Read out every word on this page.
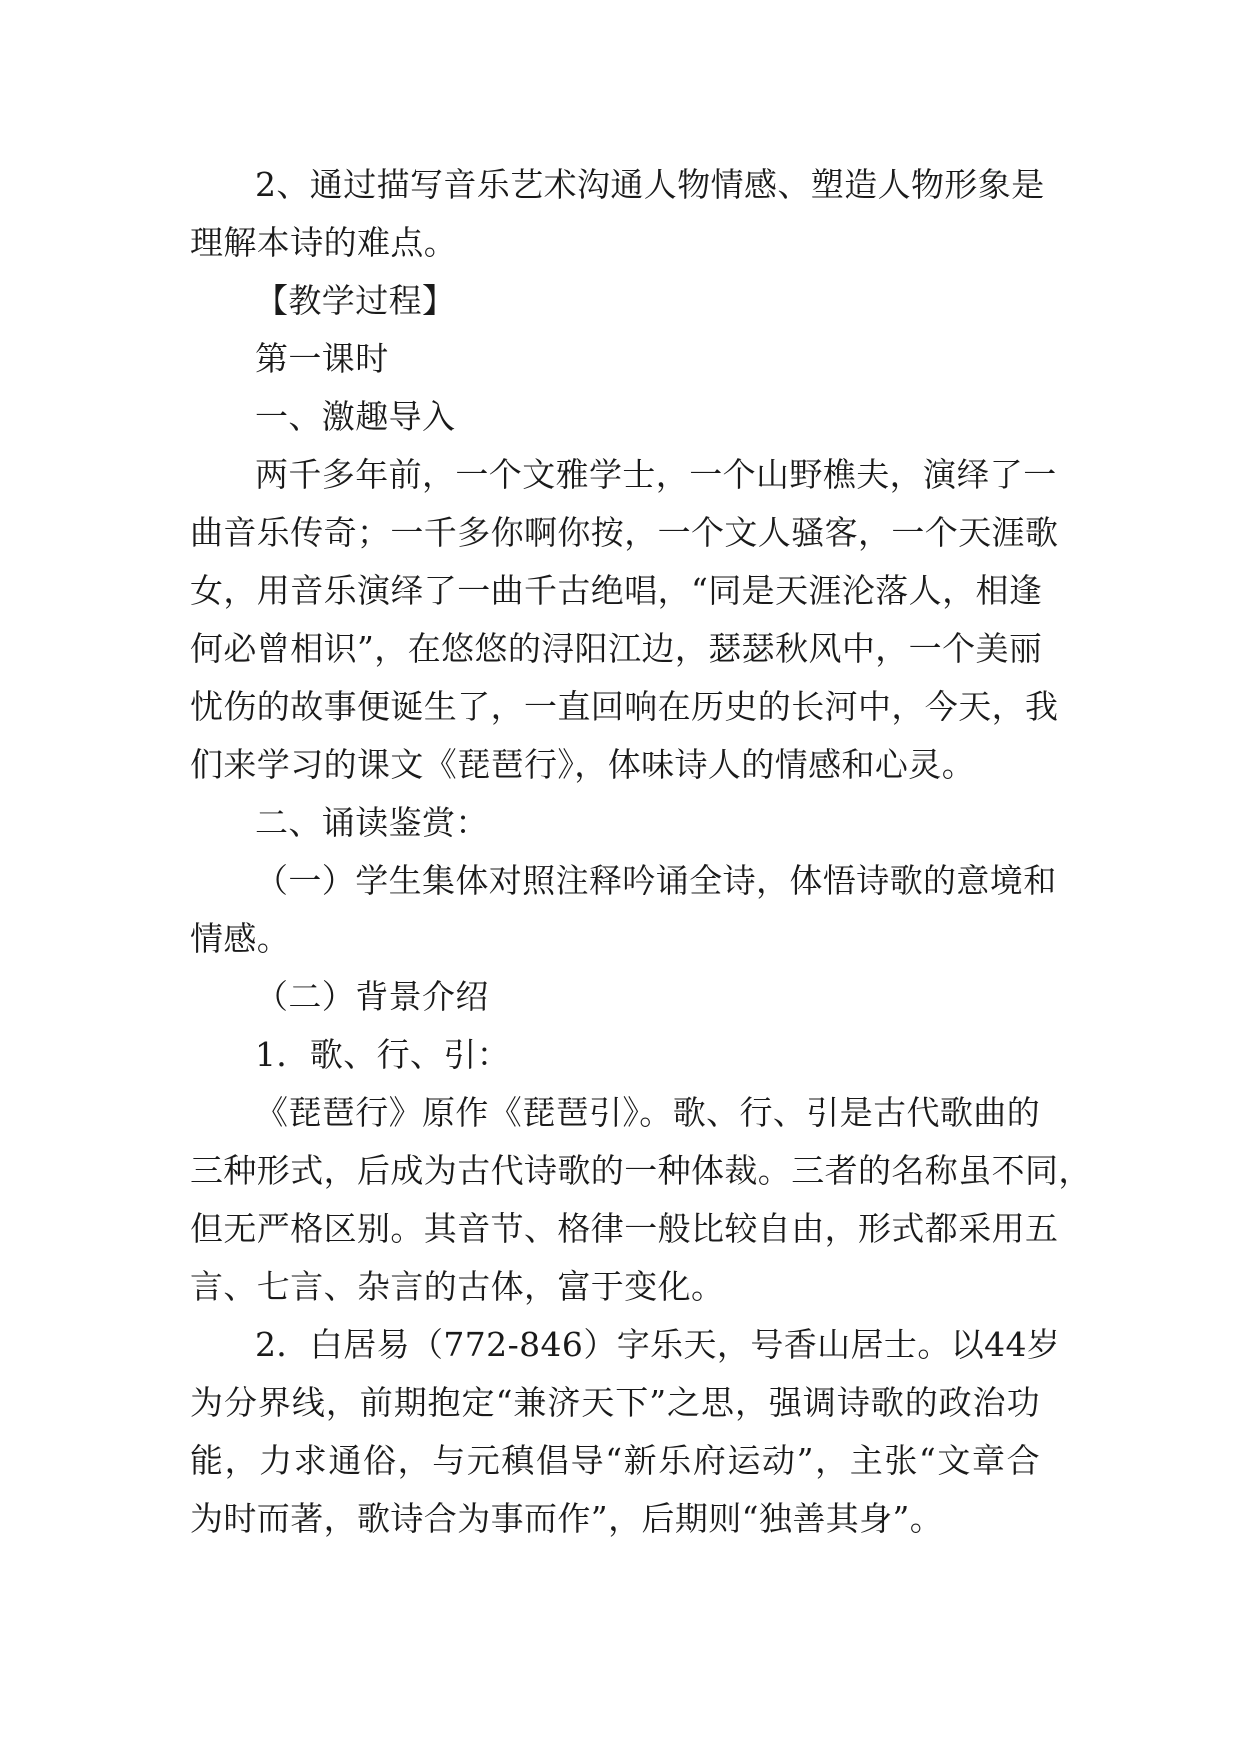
2、通过描写音乐艺术沟通人物情感、塑造人物形象是
理解本诗的难点。
【教学过程】
第一课时
一、激趣导入
两千多年前，一个文雅学士，一个山野樵夫，演绎了一
曲音乐传奇；一千多你啊你按，一个文人骚客，一个天涯歌
女，用音乐演绎了一曲千古绝唱，“同是天涯沦落人，相逢
何必曾相识”，在悠悠的浔阳江边，瑟瑟秋风中，一个美丽
忧伤的故事便诞生了，一直回响在历史的长河中，今天，我
们来学习的课文《琵琶行》，体味诗人的情感和心灵。
二、诵读鉴赏：
（一）学生集体对照注释吟诵全诗，体悟诗歌的意境和
情感。
（二）背景介绍
1．歌、行、引：
《琵琶行》原作《琵琶引》。歌、行、引是古代歌曲的
三种形式，后成为古代诗歌的一种体裁。三者的名称虽不同，
但无严格区别。其音节、格律一般比较自由，形式都采用五
言、七言、杂言的古体，富于变化。
2．白居易（772-846）字乐天，号香山居士。以44岁
为分界线，前期抱定“兼济天下”之思，强调诗歌的政治功
能，力求通俗，与元稹倡导“新乐府运动”，主张“文章合
为时而著，歌诗合为事而作”，后期则“独善其身”。
